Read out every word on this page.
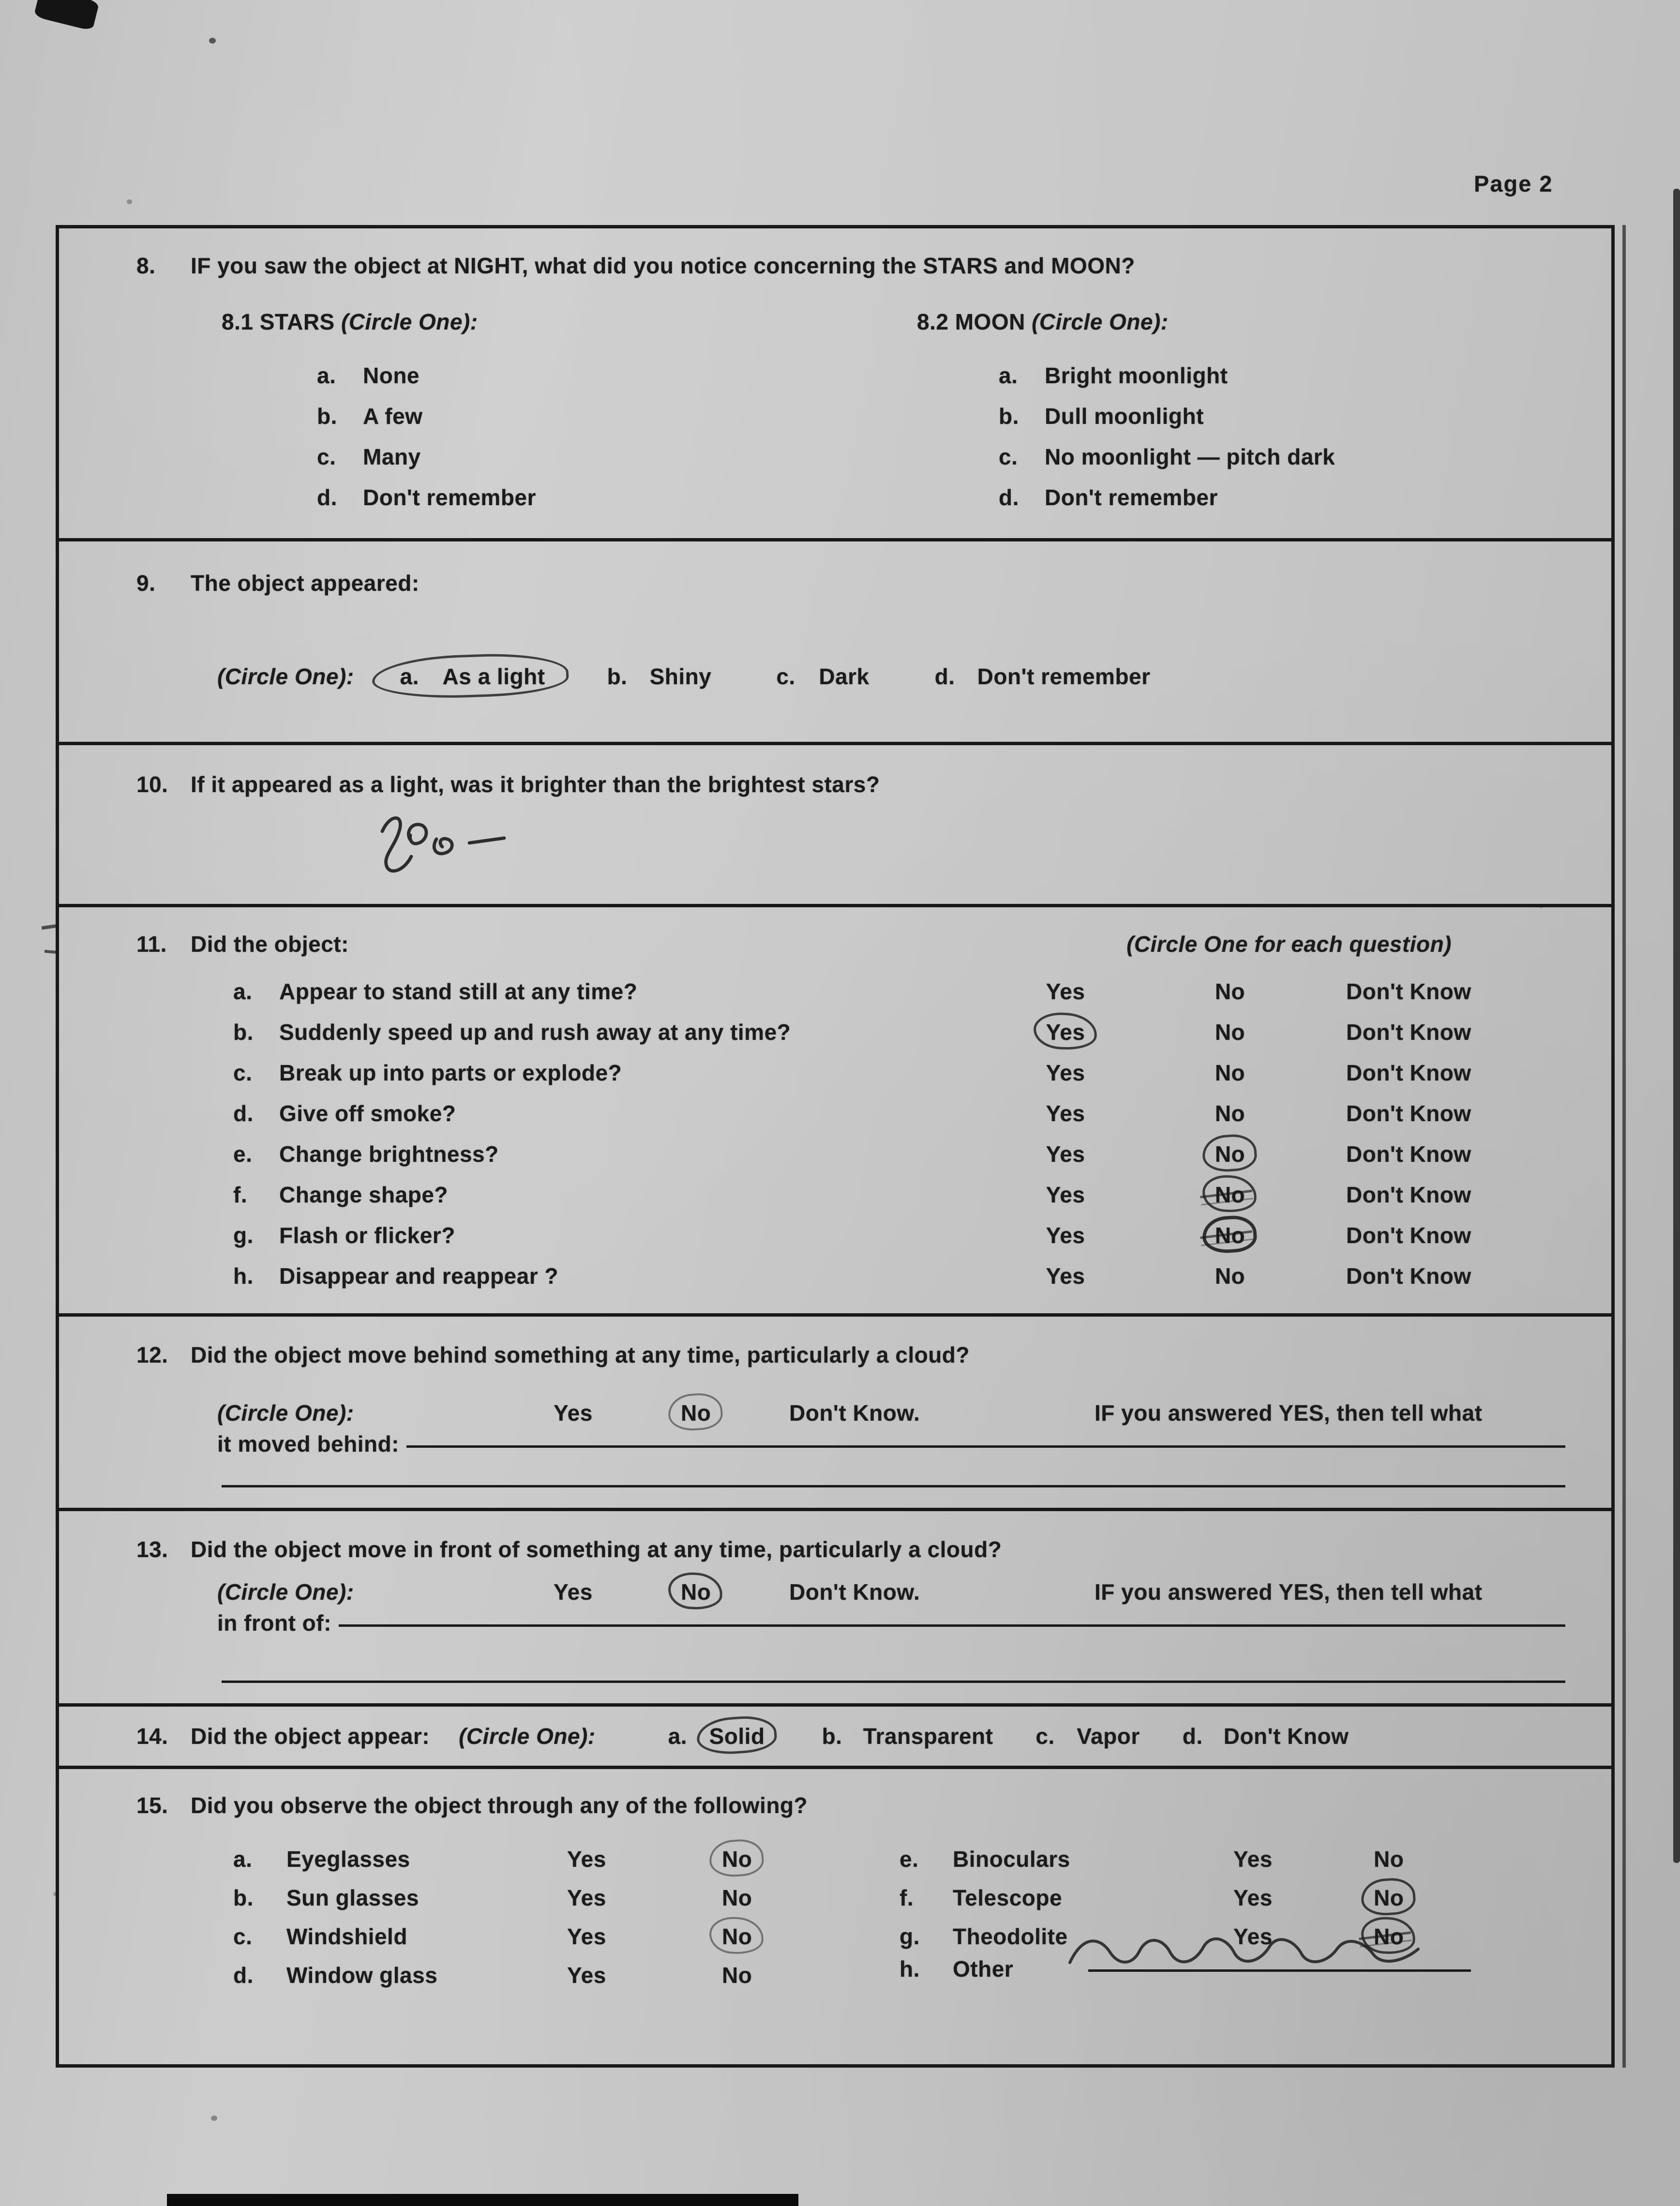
Page 2
8.	IF you saw the object at NIGHT, what did you notice concerning the STARS and MOON?
8.1 STARS (Circle One):
a.	None
b.	A few
c.	Many
d.	Don't remember
8.2 MOON (Circle One):
a.	Bright moonlight
b.	Dull moonlight
c.	No moonlight — pitch dark
d.	Don't remember
9.	The object appeared:
(Circle One): a. As a light	b. Shiny	c. Dark	d. Don't remember
10.	If it appeared as a light, was it brighter than the brightest stars?
11.	Did the object:	(Circle One for each question)
a.	Appear to stand still at any time?	Yes	No	Don't Know
b.	Suddenly speed up and rush away at any time?	Yes	No	Don't Know
c.	Break up into parts or explode?	Yes	No	Don't Know
d.	Give off smoke?	Yes	No	Don't Know
e.	Change brightness?	Yes	No	Don't Know
f.	Change shape?	Yes	No	Don't Know
g.	Flash or flicker?	Yes	No	Don't Know
h.	Disappear and reappear ?	Yes	No	Don't Know
12.	Did the object move behind something at any time, particularly a cloud?
(Circle One):	Yes	No	Don't Know.	IF you answered YES, then tell what
it moved behind:
13.	Did the object move in front of something at any time, particularly a cloud?
(Circle One):	Yes	No	Don't Know.	IF you answered YES, then tell what
in front of:
14.	Did the object appear: (Circle One):	a. Solid	b. Transparent c. Vapor d. Don't Know
15.	Did you observe the object through any of the following?
a.	Eyeglasses	Yes	No
b.	Sun glasses	Yes	No
c.	Windshield	Yes	No
d.	Window glass	Yes	No
e.	Binoculars	Yes	No
f.	Telescope	Yes	No
g.	Theodolite	Yes	No
h.	Other
